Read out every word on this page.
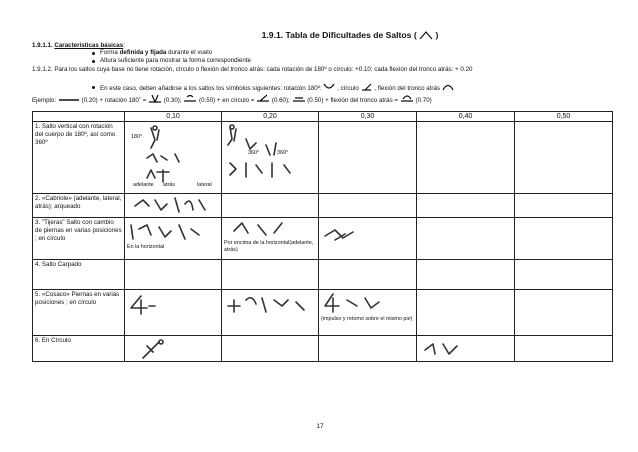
1.9.1. Tabla de Dificultades de Saltos ( )
1.9.1.1. Características básicas:
Forma definida y fijada durante el vuelo
Altura suficiente para mostrar la forma correspondiente
1.9.1.2. Para los saltos cuya base no tiene rotación, círculo o flexión del tronco atrás: cada rotación de 180º o círculo: +0.10; cada flexión del tronco atrás: + 0.20
En este caso, deben añadirse a los saltos los símbolos siguientes: rotación 180º: , círculo , flexión del tronco atrás
Ejemplo:	(0.20) + rotación 180˚ =	(0.30);	(0.50) + en círculo =	(0.60);	(0.50) + flexión del tronco atrás =	(0.70)
	0,10	0,20	0,30	0,40	0,50
1. Salto vertical con rotación del cuerpo de 180º, así como 360º	180°
adelante atrás lateral	360° 360°			

2. «Cabriole» (adelante, lateral, atrás); arqueado	

3. "Tijeras" Salto con cambio de piernas en varias posiciones ; en círculo	En la horizontal	Por encima de la horizontal(adelante, atrás)

4. Salto Carpado					
5. «Cosaco» Piernas en varias posiciones ; en círculo			(impulso y retomo sobre el mismo pie)		

6. En Círculo	

17
